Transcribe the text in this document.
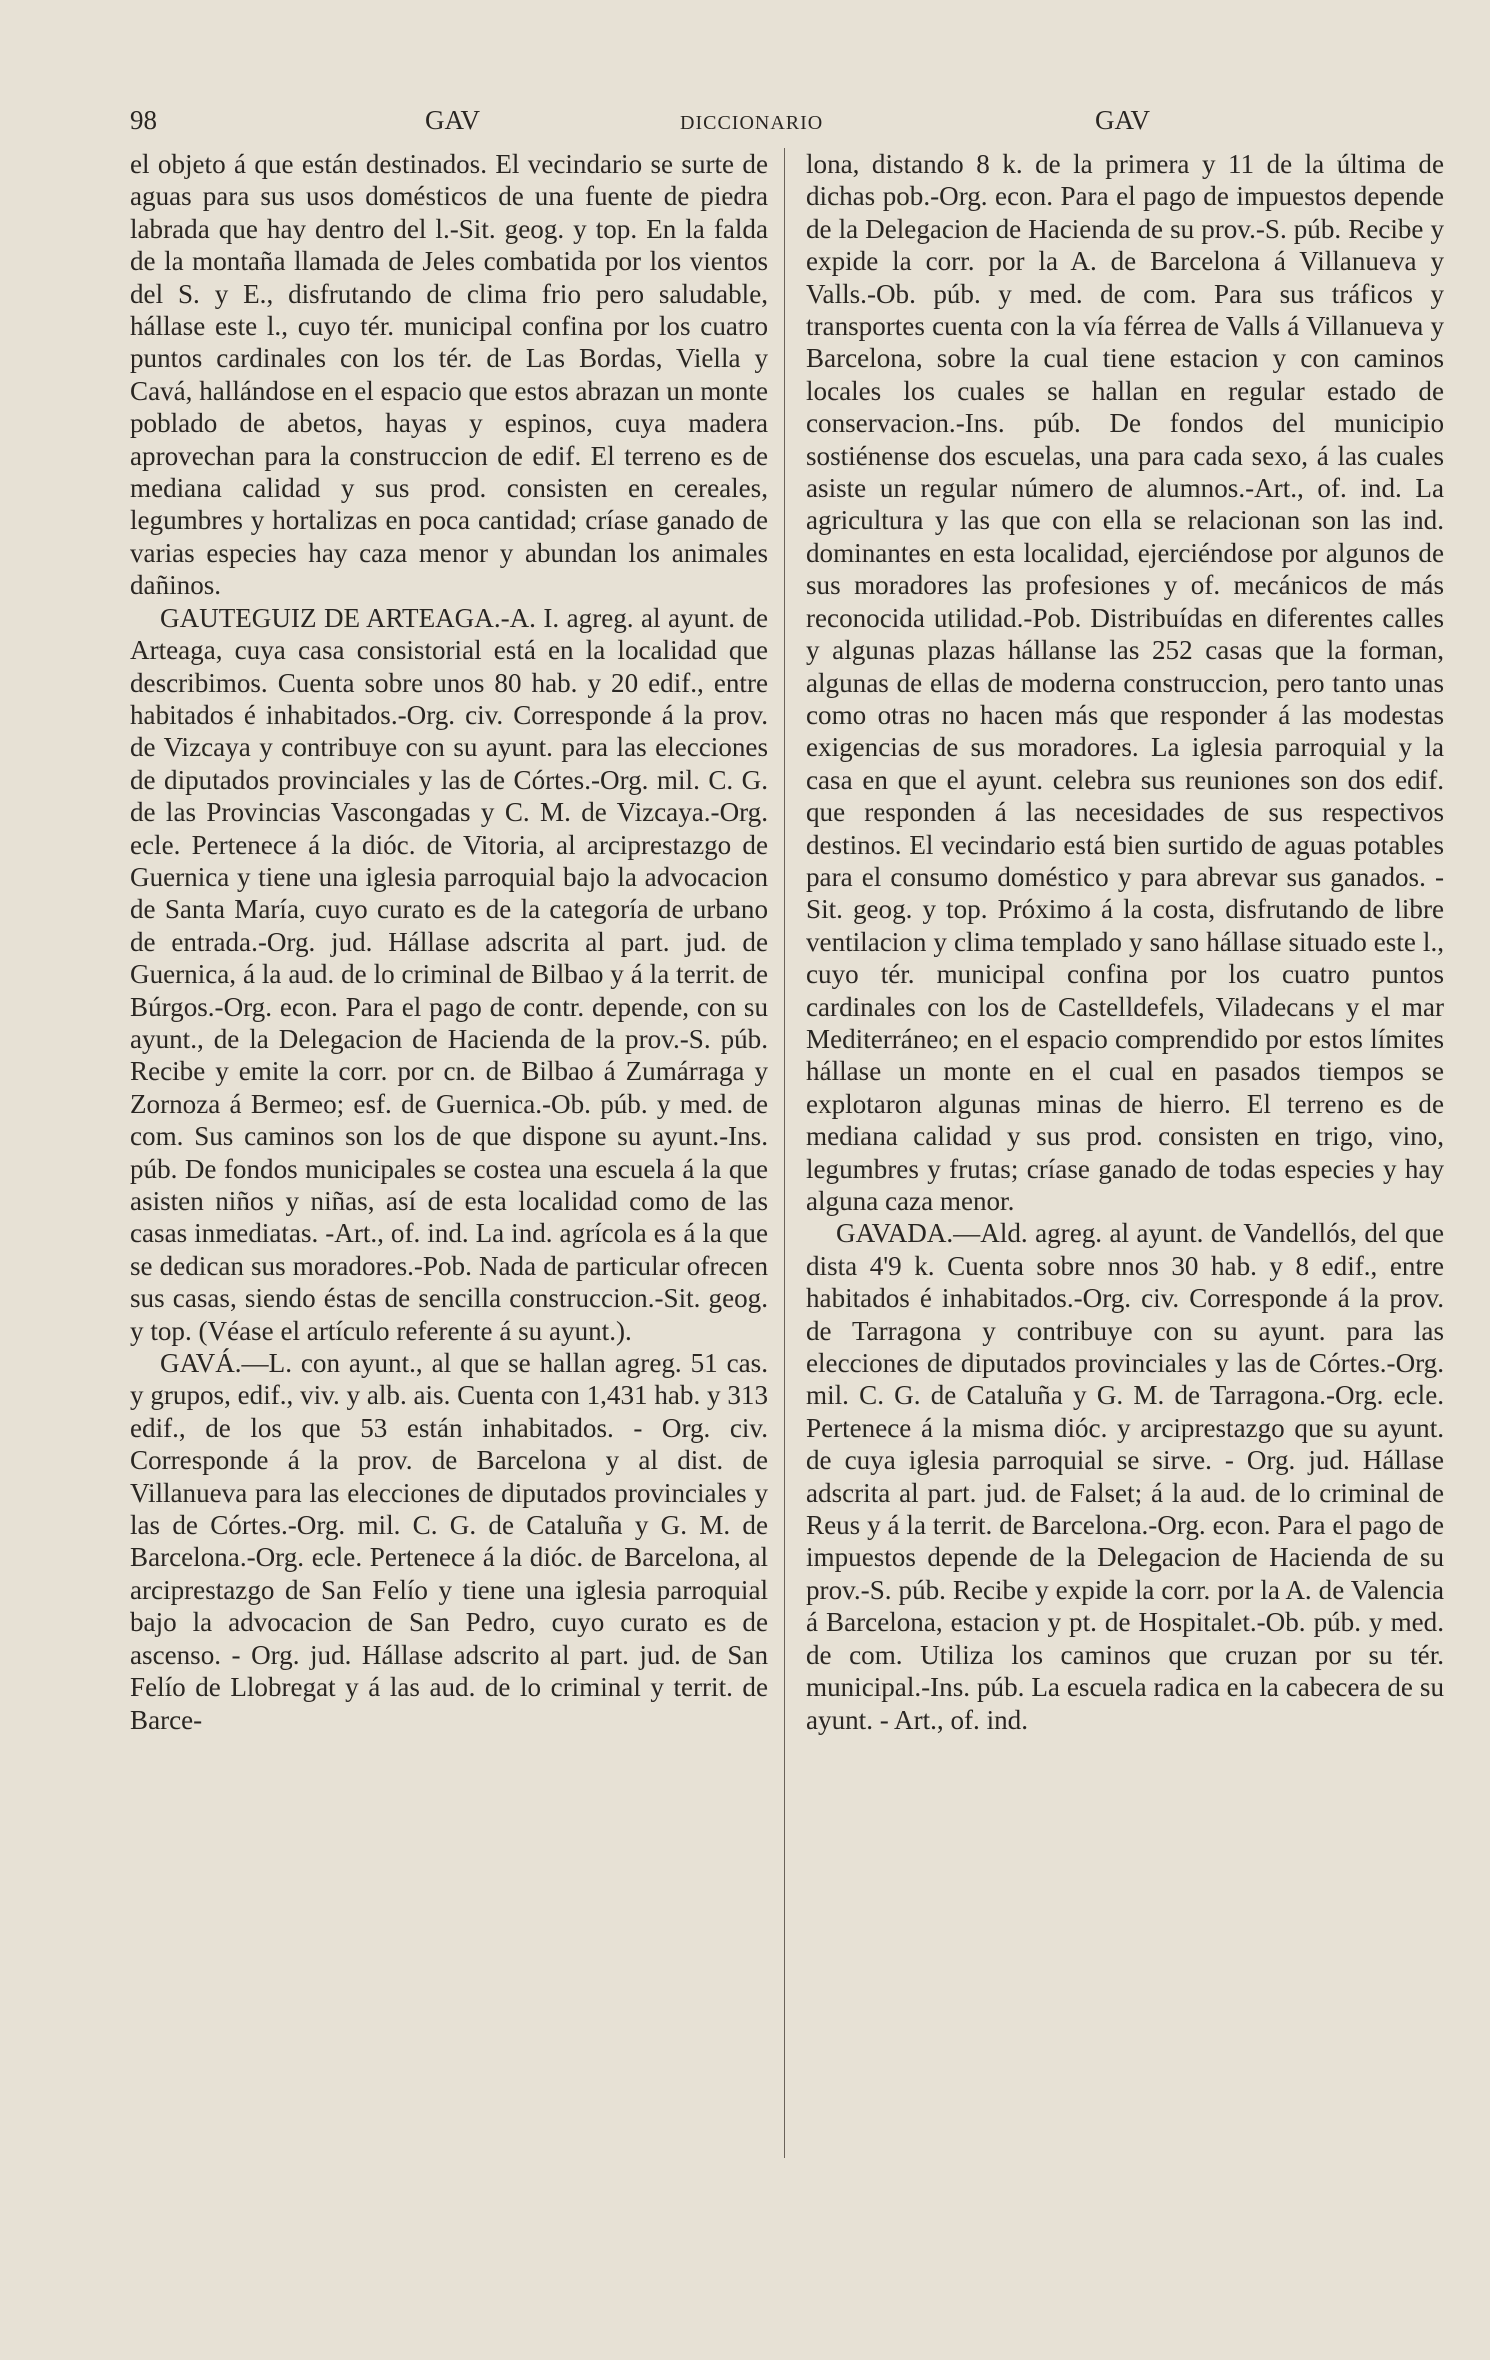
98	GAV	DICCIONARIO	GAV

el objeto á que están destinados. El vecindario se surte de aguas para sus usos domésticos de una fuente de piedra labrada que hay dentro del l.-Sit. geog. y top. En la falda de la montaña llamada de Jeles combatida por los vientos del S. y E., disfrutando de clima frio pero saludable, hállase este l., cuyo tér. municipal confina por los cuatro puntos cardinales con los tér. de Las Bordas, Viella y Cavá, hallándose en el espacio que estos abrazan un monte poblado de abetos, hayas y espinos, cuya madera aprovechan para la construccion de edif. El terreno es de mediana calidad y sus prod. consisten en cereales, legumbres y hortalizas en poca cantidad; críase ganado de varias especies hay caza menor y abundan los animales dañinos.

GAUTEGUIZ DE ARTEAGA.-A. I. agreg. al ayunt. de Arteaga, cuya casa consistorial está en la localidad que describimos. Cuenta sobre unos 80 hab. y 20 edif., entre habitados é inhabitados.-Org. civ. Corresponde á la prov. de Vizcaya y contribuye con su ayunt. para las elecciones de diputados provinciales y las de Córtes.-Org. mil. C. G. de las Provincias Vascongadas y C. M. de Vizcaya.-Org. ecle. Pertenece á la dióc. de Vitoria, al arciprestazgo de Guernica y tiene una iglesia parroquial bajo la advocacion de Santa María, cuyo curato es de la categoría de urbano de entrada.-Org. jud. Hállase adscrita al part. jud. de Guernica, á la aud. de lo criminal de Bilbao y á la territ. de Búrgos.-Org. econ. Para el pago de contr. depende, con su ayunt., de la Delegacion de Hacienda de la prov.-S. púb. Recibe y emite la corr. por cn. de Bilbao á Zumárraga y Zornoza á Bermeo; esf. de Guernica.-Ob. púb. y med. de com. Sus caminos son los de que dispone su ayunt.-Ins. púb. De fondos municipales se costea una escuela á la que asisten niños y niñas, así de esta localidad como de las casas inmediatas. -Art., of. ind. La ind. agrícola es á la que se dedican sus moradores.-Pob. Nada de particular ofrecen sus casas, siendo éstas de sencilla construccion.-Sit. geog. y top. (Véase el artículo referente á su ayunt.).

GAVÁ.—L. con ayunt., al que se hallan agreg. 51 cas. y grupos, edif., viv. y alb. ais. Cuenta con 1,431 hab. y 313 edif., de los que 53 están inhabitados. - Org. civ. Corresponde á la prov. de Barcelona y al dist. de Villanueva para las elecciones de diputados provinciales y las de Córtes.-Org. mil. C. G. de Cataluña y G. M. de Barcelona.-Org. ecle. Pertenece á la dióc. de Barcelona, al arciprestazgo de San Felío y tiene una iglesia parroquial bajo la advocacion de San Pedro, cuyo curato es de ascenso. - Org. jud. Hállase adscrito al part. jud. de San Felío de Llobregat y á las aud. de lo criminal y territ. de Barce-

lona, distando 8 k. de la primera y 11 de la última de dichas pob.-Org. econ. Para el pago de impuestos depende de la Delegacion de Hacienda de su prov.-S. púb. Recibe y expide la corr. por la A. de Barcelona á Villanueva y Valls.-Ob. púb. y med. de com. Para sus tráficos y transportes cuenta con la vía férrea de Valls á Villanueva y Barcelona, sobre la cual tiene estacion y con caminos locales los cuales se hallan en regular estado de conservacion.-Ins. púb. De fondos del municipio sostiénense dos escuelas, una para cada sexo, á las cuales asiste un regular número de alumnos.-Art., of. ind. La agricultura y las que con ella se relacionan son las ind. dominantes en esta localidad, ejerciéndose por algunos de sus moradores las profesiones y of. mecánicos de más reconocida utilidad.-Pob. Distribuídas en diferentes calles y algunas plazas hállanse las 252 casas que la forman, algunas de ellas de moderna construccion, pero tanto unas como otras no hacen más que responder á las modestas exigencias de sus moradores. La iglesia parroquial y la casa en que el ayunt. celebra sus reuniones son dos edif. que responden á las necesidades de sus respectivos destinos. El vecindario está bien surtido de aguas potables para el consumo doméstico y para abrevar sus ganados. - Sit. geog. y top. Próximo á la costa, disfrutando de libre ventilacion y clima templado y sano hállase situado este l., cuyo tér. municipal confina por los cuatro puntos cardinales con los de Castelldefels, Viladecans y el mar Mediterráneo; en el espacio comprendido por estos límites hállase un monte en el cual en pasados tiempos se explotaron algunas minas de hierro. El terreno es de mediana calidad y sus prod. consisten en trigo, vino, legumbres y frutas; críase ganado de todas especies y hay alguna caza menor.

GAVADA.—Ald. agreg. al ayunt. de Vandellós, del que dista 4'9 k. Cuenta sobre nnos 30 hab. y 8 edif., entre habitados é inhabitados.-Org. civ. Corresponde á la prov. de Tarragona y contribuye con su ayunt. para las elecciones de diputados provinciales y las de Córtes.-Org. mil. C. G. de Cataluña y G. M. de Tarragona.-Org. ecle. Pertenece á la misma dióc. y arciprestazgo que su ayunt. de cuya iglesia parroquial se sirve. - Org. jud. Hállase adscrita al part. jud. de Falset; á la aud. de lo criminal de Reus y á la territ. de Barcelona.-Org. econ. Para el pago de impuestos depende de la Delegacion de Hacienda de su prov.-S. púb. Recibe y expide la corr. por la A. de Valencia á Barcelona, estacion y pt. de Hospitalet.-Ob. púb. y med. de com. Utiliza los caminos que cruzan por su tér. municipal.-Ins. púb. La escuela radica en la cabecera de su ayunt. - Art., of. ind.
